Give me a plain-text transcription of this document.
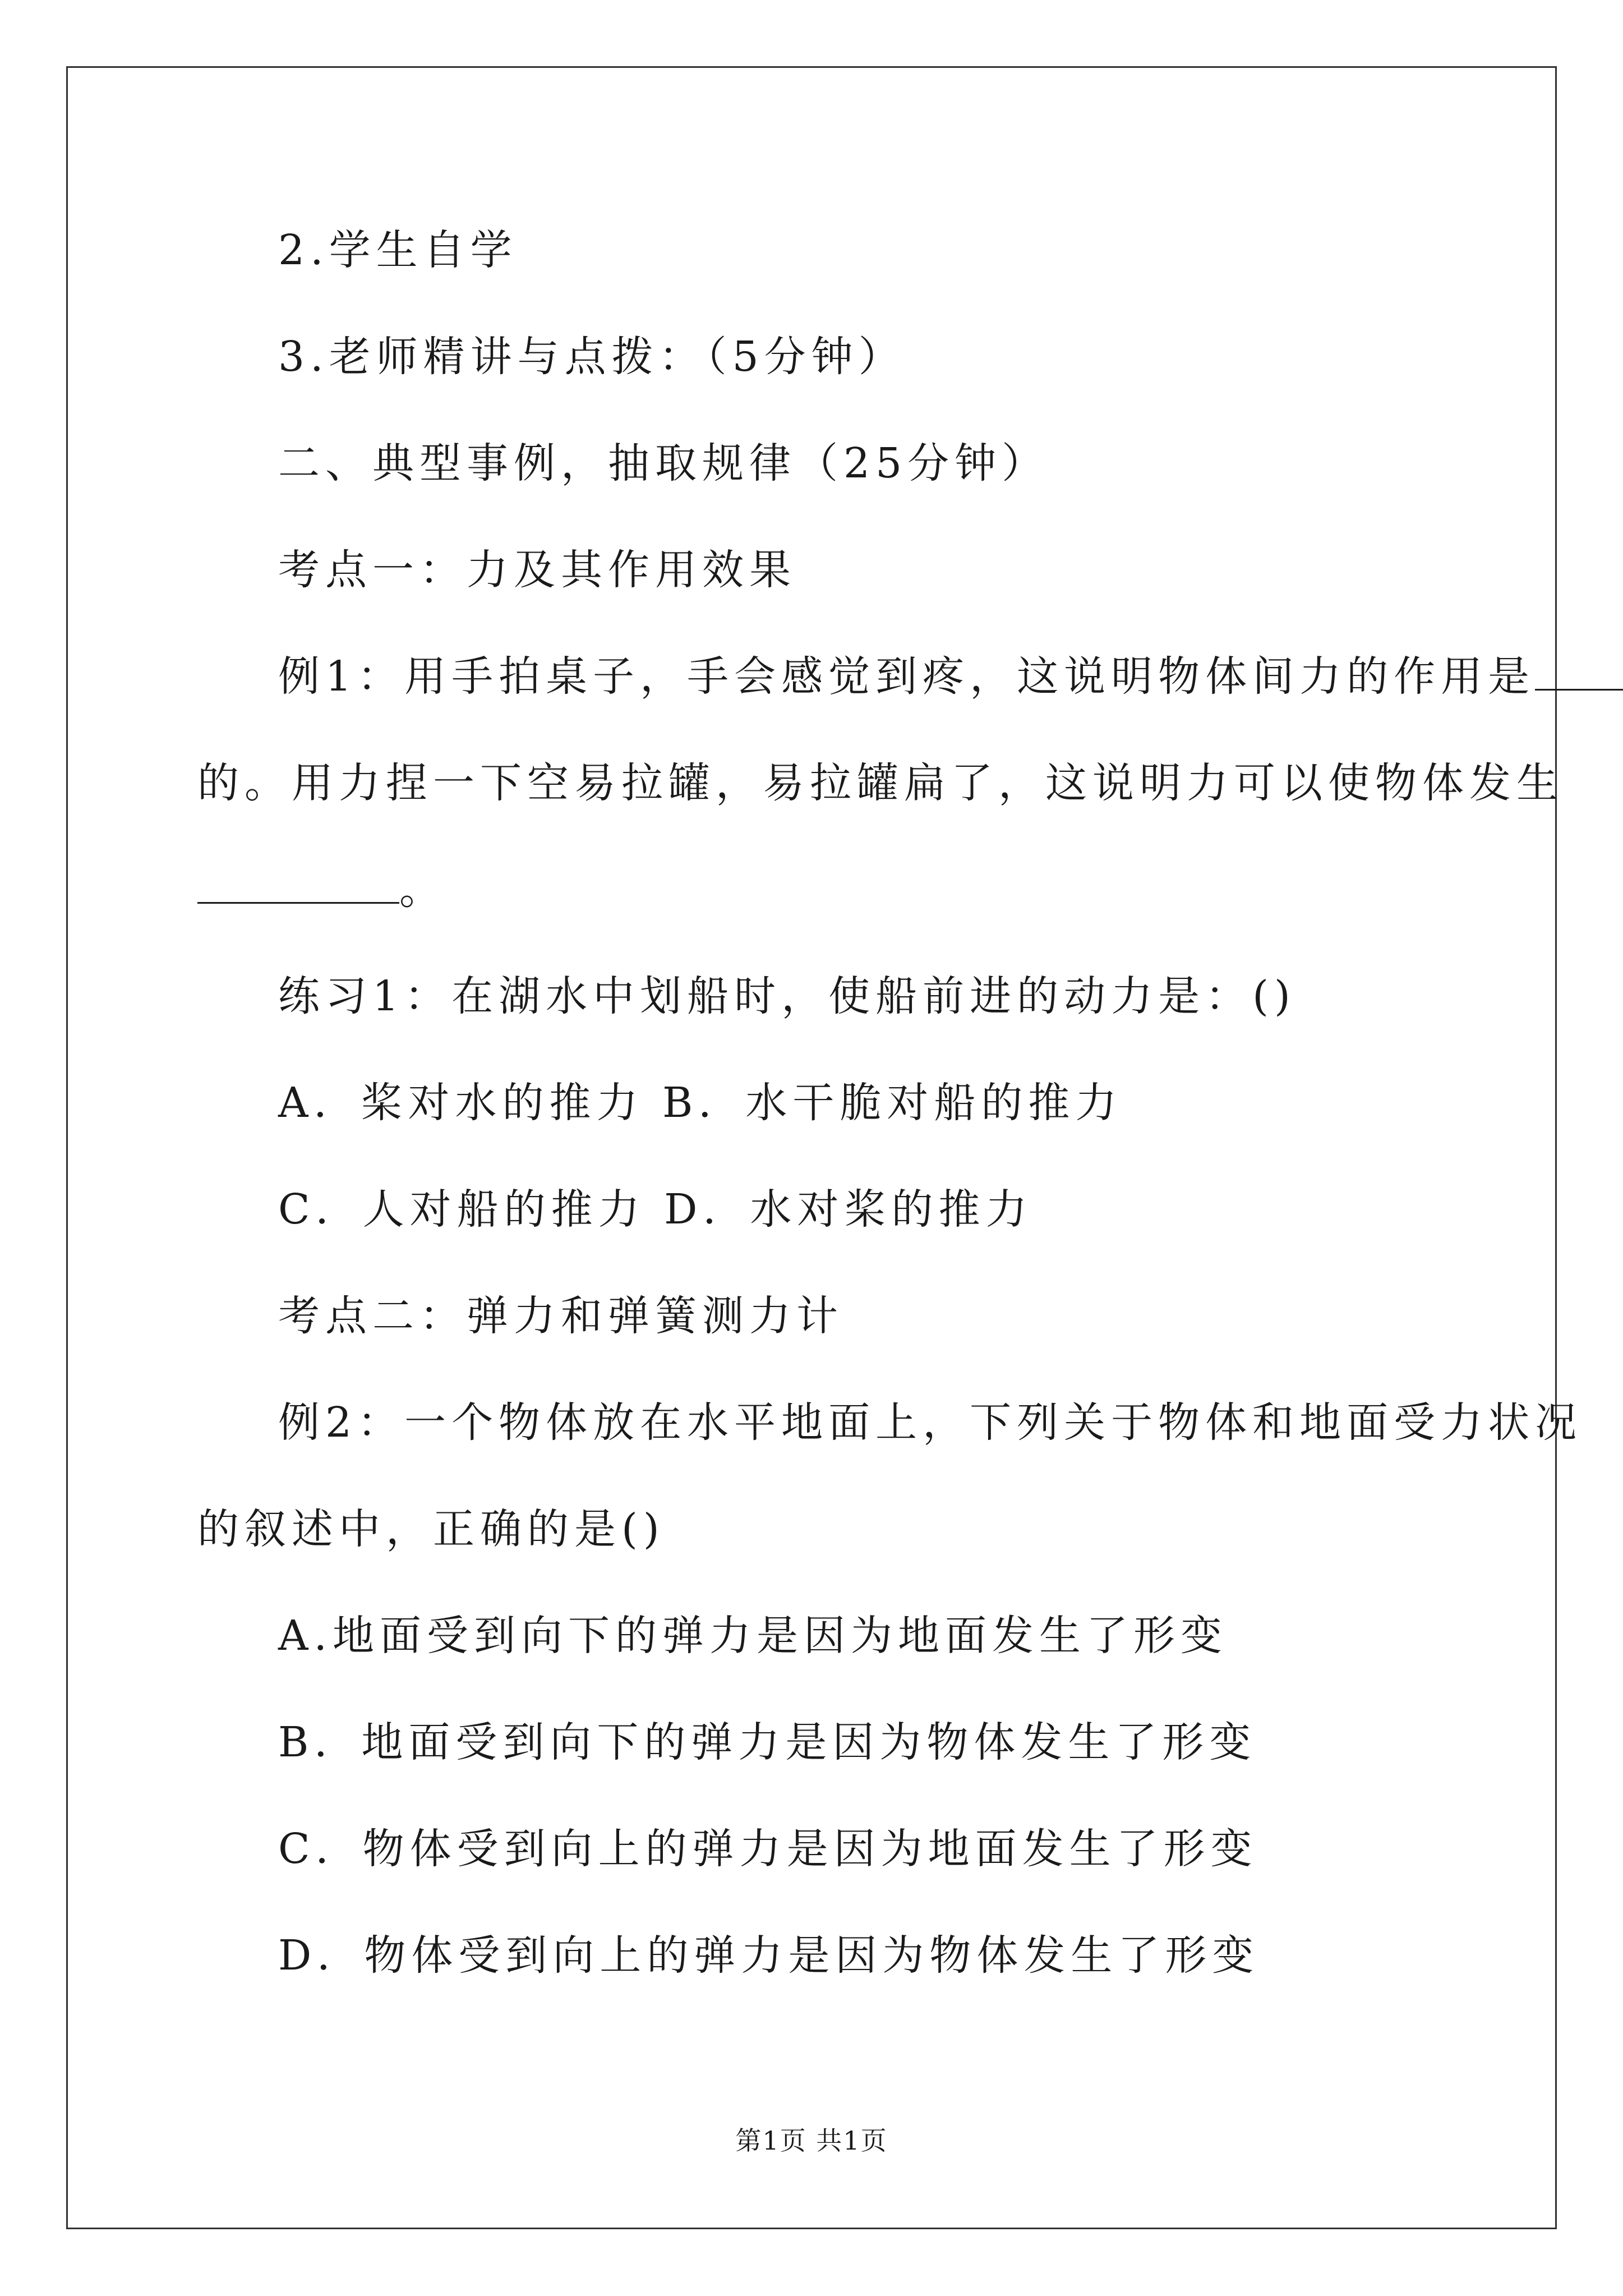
2.学生自学
3.老师精讲与点拨：（5分钟）
二、典型事例，抽取规律（25分钟）
考点一：力及其作用效果
例1：用手拍桌子，手会感觉到疼，这说明物体间力的作用是
的。用力捏一下空易拉罐，易拉罐扁了，这说明力可以使物体发生
。
练习1：在湖水中划船时，使船前进的动力是：()
A．桨对水的推力 B．水干脆对船的推力
C．人对船的推力 D．水对桨的推力
考点二：弹力和弹簧测力计
例2：一个物体放在水平地面上，下列关于物体和地面受力状况
的叙述中，正确的是()
A.地面受到向下的弹力是因为地面发生了形变
B．地面受到向下的弹力是因为物体发生了形变
C．物体受到向上的弹力是因为地面发生了形变
D．物体受到向上的弹力是因为物体发生了形变
第1页 共1页
